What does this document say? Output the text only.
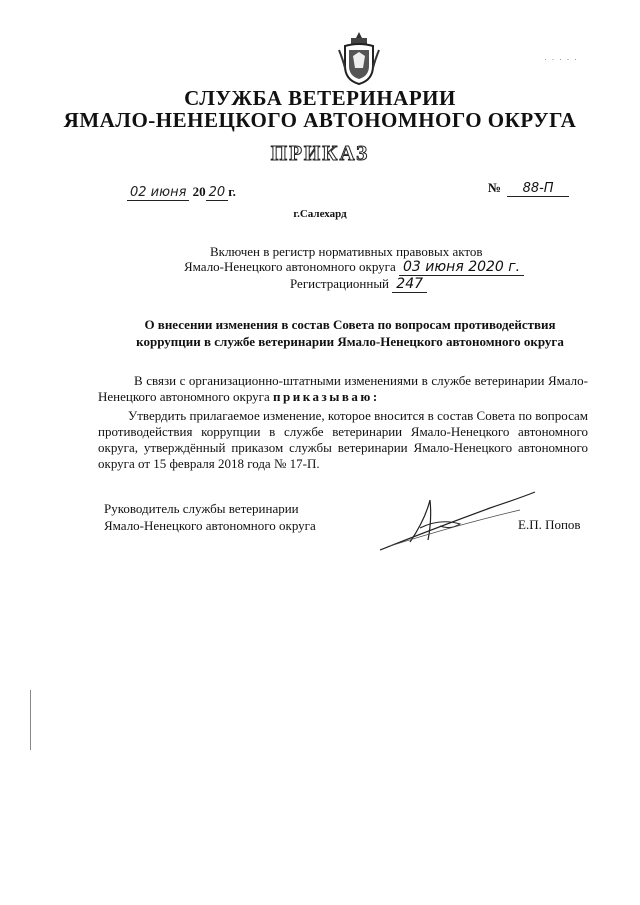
· · · · ·
СЛУЖБА ВЕТЕРИНАРИИ
ЯМАЛО-НЕНЕЦКОГО АВТОНОМНОГО ОКРУГА
ПРИКАЗ
02 июня 20 20 г.	№ 88-П
г.Салехард
Включен в регистр нормативных правовых актов
Ямало-Ненецкого автономного округа 03 июня 2020 г.
Регистрационный 247
О внесении изменения в состав Совета по вопросам противодействия
коррупции в службе ветеринарии Ямало-Ненецкого автономного округа
В связи с организационно-штатными изменениями в службе ветеринарии Ямало-Ненецкого автономного округа приказываю:
Утвердить прилагаемое изменение, которое вносится в состав Совета по вопросам противодействия коррупции в службе ветеринарии Ямало-Ненецкого автономного округа, утверждённый приказом службы ветеринарии Ямало-Ненецкого автономного округа от 15 февраля 2018 года № 17-П.
Руководитель службы ветеринарии
Ямало-Ненецкого автономного округа	Е.П. Попов
